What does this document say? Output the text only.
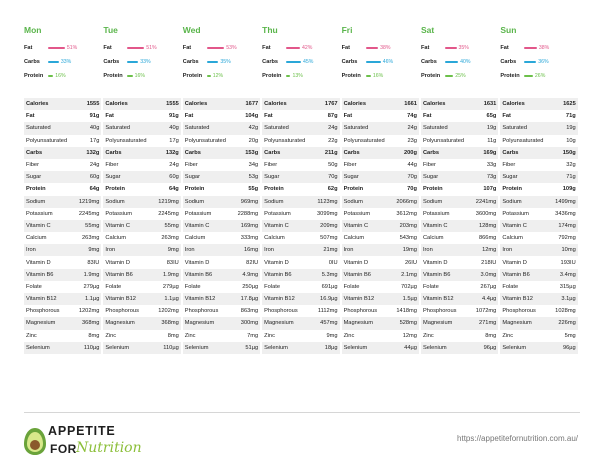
Mon
Fat	51%
Carbs	33%
Protein	16%
Calories	1555
Fat	91g
Saturated	40g
Polyunsaturated	17g
Carbs	132g
Fiber	24g
Sugar	60g
Protein	64g
Sodium	1219mg
Potassium	2245mg
Vitamin C	55mg
Calcium	263mg
Iron	9mg
Vitamin D	83IU
Vitamin B6	1.9mg
Folate	279µg
Vitamin B12	1.1µg
Phosphorous	1202mg
Magnesium	368mg
Zinc	8mg
Selenium	110µg
Tue
Fat	51%
Carbs	33%
Protein	16%
Calories	1555
Fat	91g
Saturated	40g
Polyunsaturated	17g
Carbs	132g
Fiber	24g
Sugar	60g
Protein	64g
Sodium	1219mg
Potassium	2245mg
Vitamin C	55mg
Calcium	263mg
Iron	9mg
Vitamin D	83IU
Vitamin B6	1.9mg
Folate	279µg
Vitamin B12	1.1µg
Phosphorous	1202mg
Magnesium	368mg
Zinc	8mg
Selenium	110µg
Wed
Fat	53%
Carbs	35%
Protein	12%
Calories	1677
Fat	104g
Saturated	42g
Polyunsaturated	20g
Carbs	153g
Fiber	34g
Sugar	53g
Protein	55g
Sodium	969mg
Potassium	2288mg
Vitamin C	169mg
Calcium	333mg
Iron	16mg
Vitamin D	82IU
Vitamin B6	4.9mg
Folate	250µg
Vitamin B12	17.8µg
Phosphorous	863mg
Magnesium	300mg
Zinc	7mg
Selenium	51µg
Thu
Fat	42%
Carbs	45%
Protein	13%
Calories	1767
Fat	87g
Saturated	24g
Polyunsaturated	22g
Carbs	211g
Fiber	50g
Sugar	70g
Protein	62g
Sodium	1123mg
Potassium	3099mg
Vitamin C	209mg
Calcium	507mg
Iron	21mg
Vitamin D	0IU
Vitamin B6	5.3mg
Folate	691µg
Vitamin B12	16.9µg
Phosphorous	1112mg
Magnesium	457mg
Zinc	9mg
Selenium	18µg
Fri
Fat	38%
Carbs	46%
Protein	16%
Calories	1661
Fat	74g
Saturated	24g
Polyunsaturated	23g
Carbs	200g
Fiber	44g
Sugar	70g
Protein	70g
Sodium	2066mg
Potassium	3612mg
Vitamin C	203mg
Calcium	543mg
Iron	19mg
Vitamin D	26IU
Vitamin B6	2.1mg
Folate	702µg
Vitamin B12	1.5µg
Phosphorous	1418mg
Magnesium	528mg
Zinc	12mg
Selenium	44µg
Sat
Fat	35%
Carbs	40%
Protein	25%
Calories	1631
Fat	65g
Saturated	19g
Polyunsaturated	11g
Carbs	169g
Fiber	33g
Sugar	73g
Protein	107g
Sodium	2241mg
Potassium	3600mg
Vitamin C	128mg
Calcium	866mg
Iron	12mg
Vitamin D	218IU
Vitamin B6	3.0mg
Folate	267µg
Vitamin B12	4.4µg
Phosphorous	1072mg
Magnesium	271mg
Zinc	8mg
Selenium	96µg
Sun
Fat	38%
Carbs	36%
Protein	26%
Calories	1625
Fat	71g
Saturated	19g
Polyunsaturated	10g
Carbs	150g
Fiber	32g
Sugar	71g
Protein	109g
Sodium	1499mg
Potassium	3436mg
Vitamin C	174mg
Calcium	792mg
Iron	10mg
Vitamin D	193IU
Vitamin B6	3.4mg
Folate	315µg
Vitamin B12	3.1µg
Phosphorous	1028mg
Magnesium	226mg
Zinc	5mg
Selenium	96µg
APPETITE
FOR Nutrition
https://appetitefornutrition.com.au/
